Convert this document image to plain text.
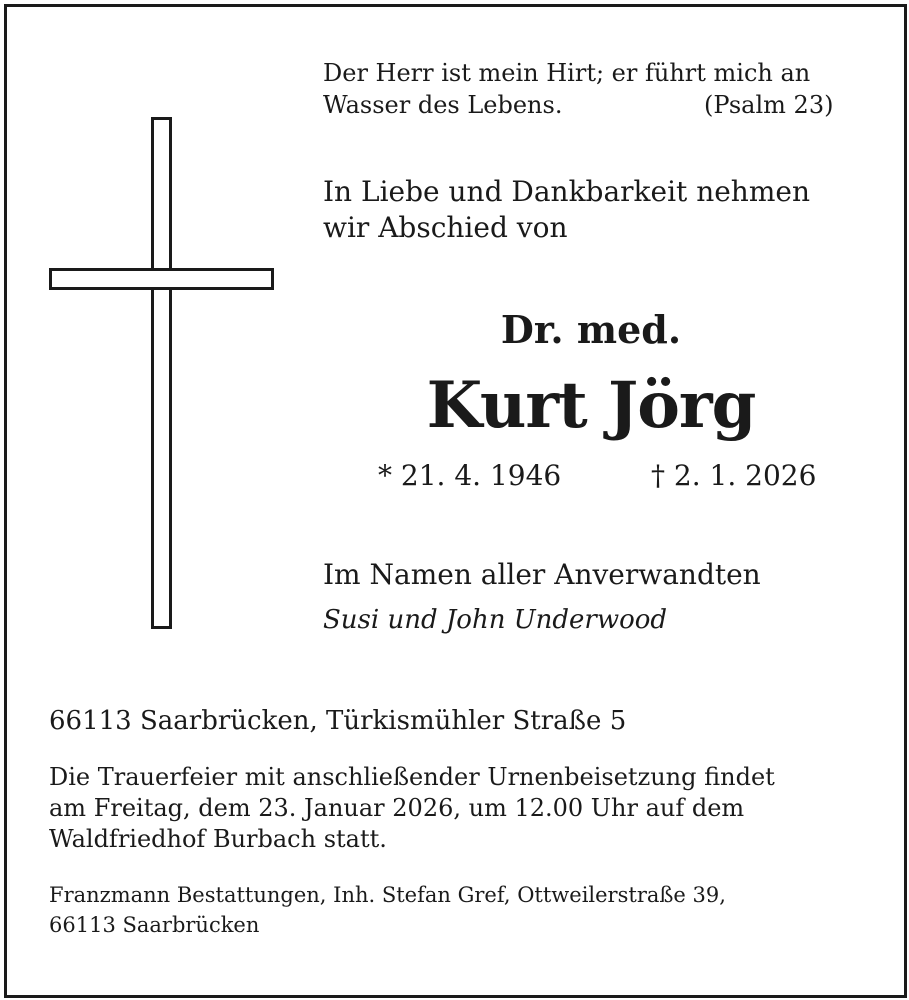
Der Herr ist mein Hirt; er führt mich an
Wasser des Lebens.	(Psalm 23)
In Liebe und Dankbarkeit nehmen
wir Abschied von
Dr. med.
Kurt Jörg
* 21. 4. 1946	† 2. 1. 2026
Im Namen aller Anverwandten
Susi und John Underwood
66113 Saarbrücken, Türkismühler Straße 5
Die Trauerfeier mit anschließender Urnenbeisetzung findet
am Freitag, dem 23. Januar 2026, um 12.00 Uhr auf dem
Waldfriedhof Burbach statt.
Franzmann Bestattungen, Inh. Stefan Gref, Ottweilerstraße 39,
66113 Saarbrücken
